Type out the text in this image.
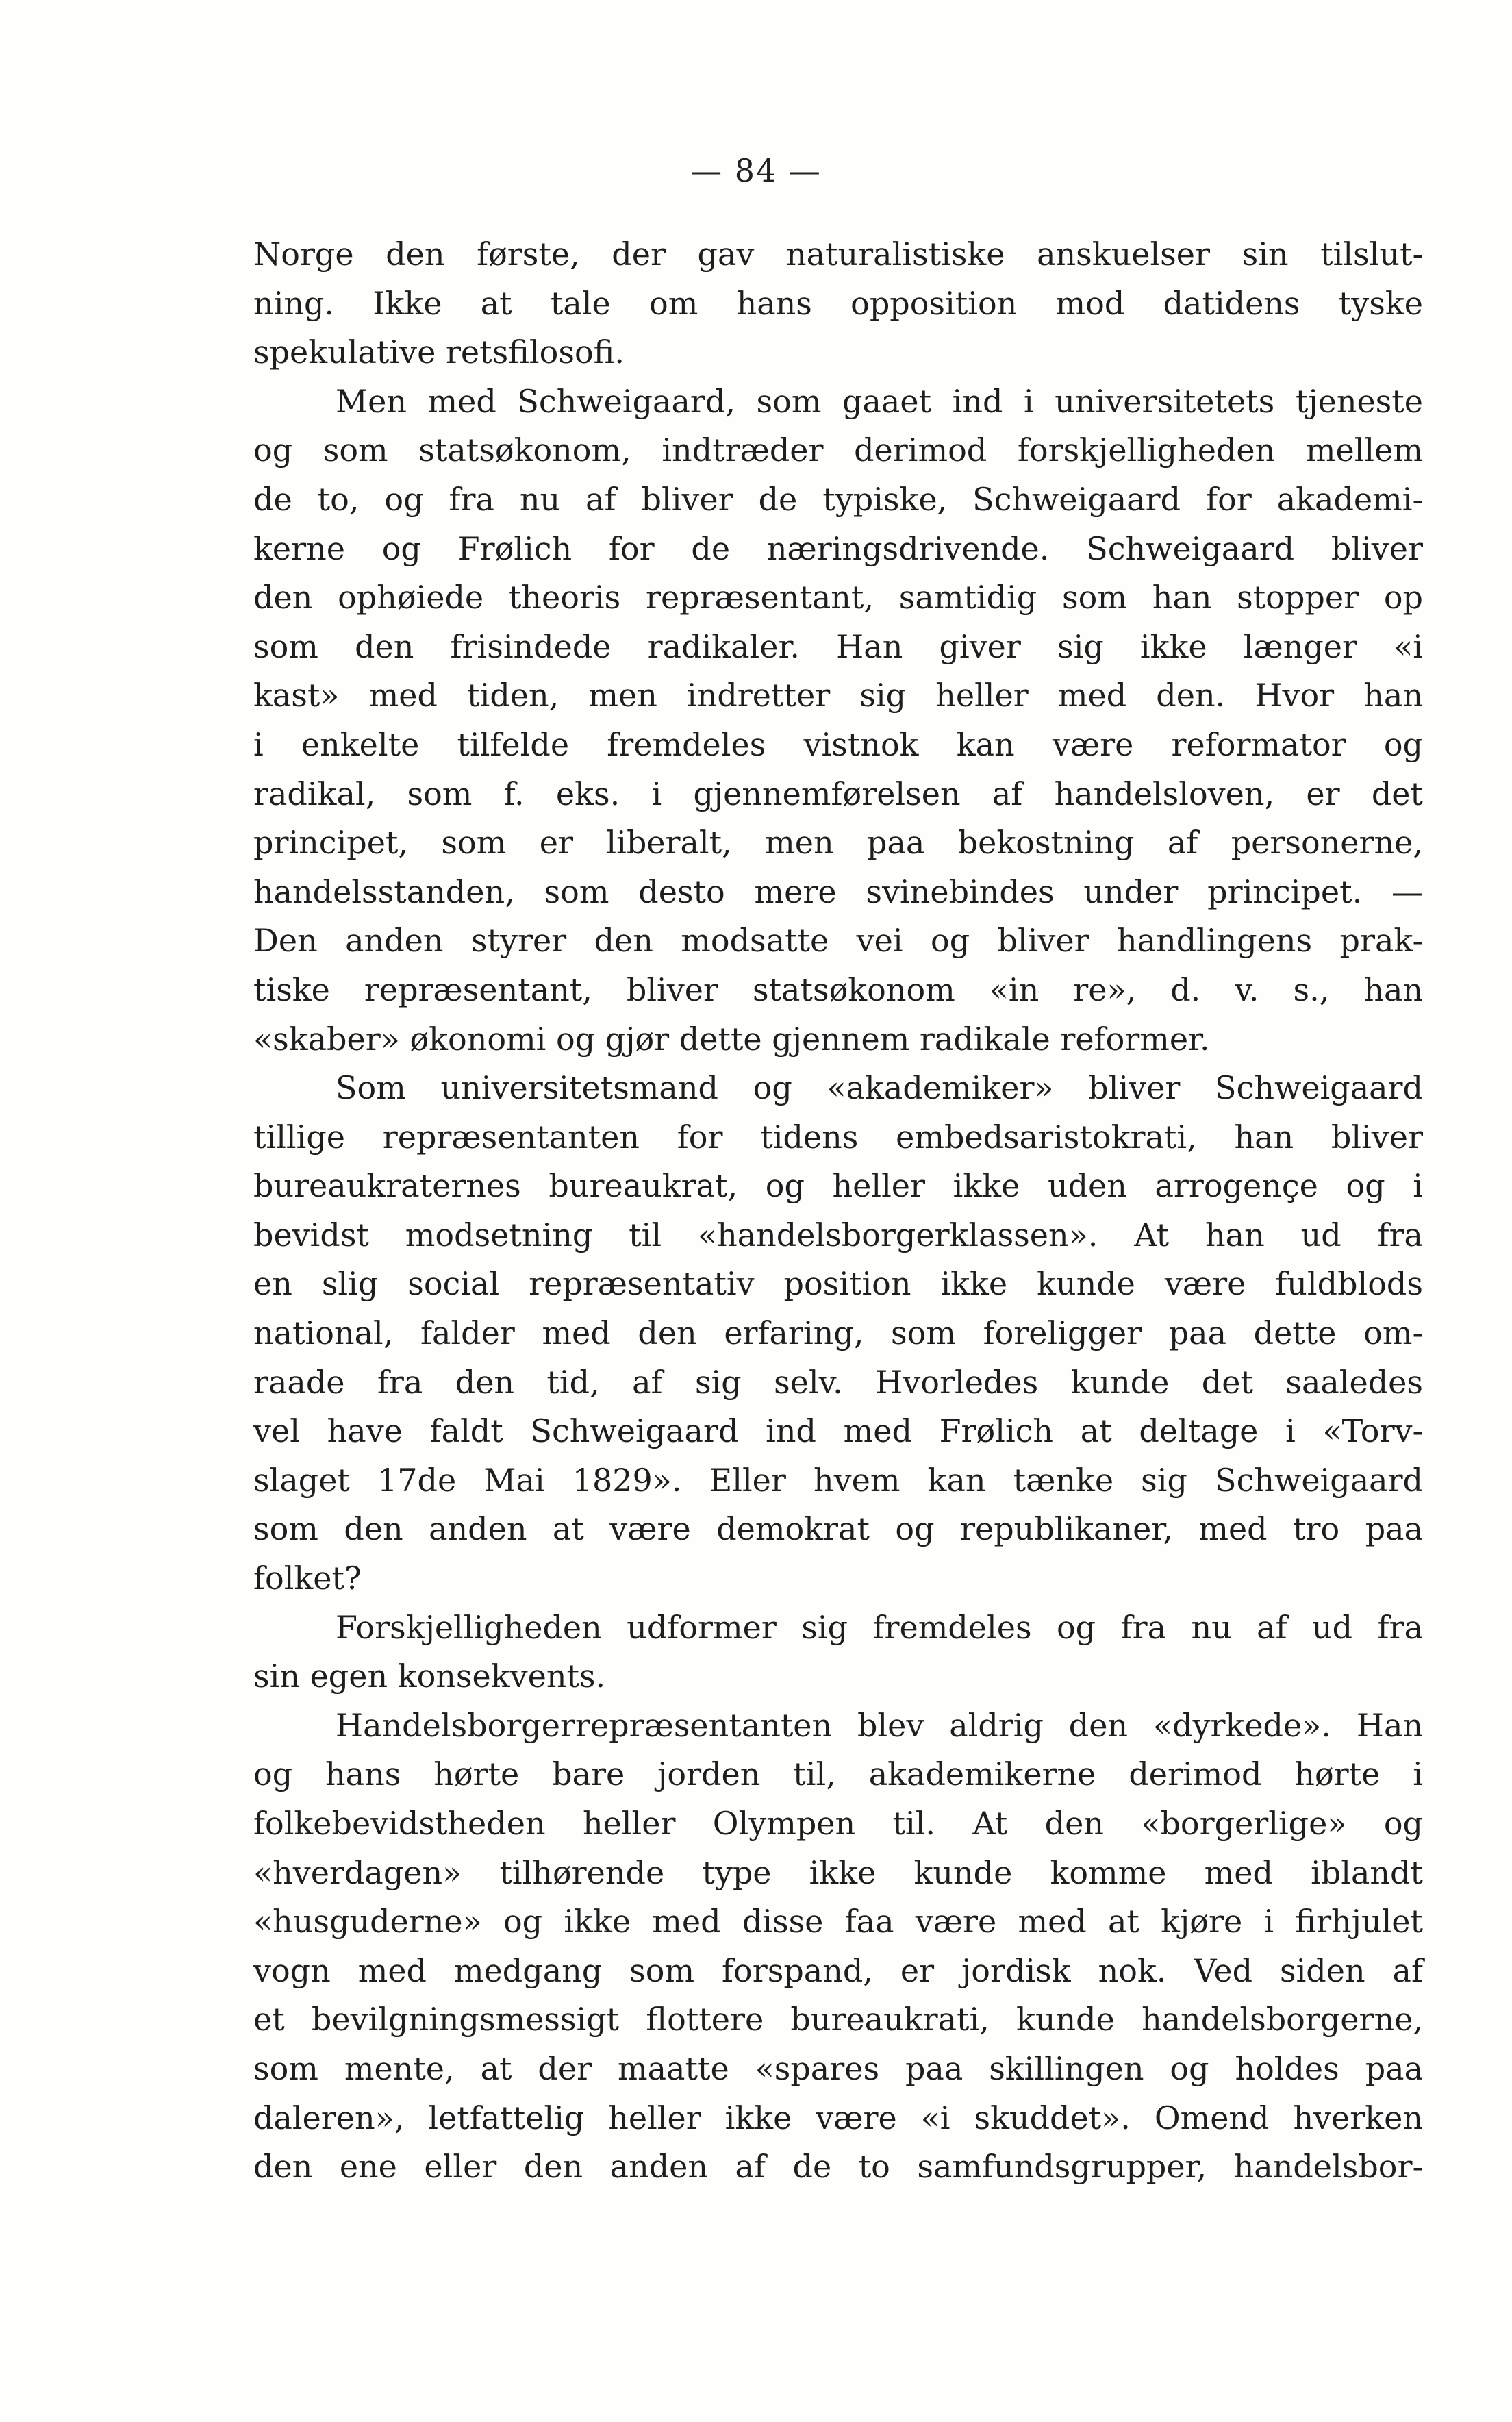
— 84 —
Norge den første, der gav naturalistiske anskuelser sin tilslut-
ning. Ikke at tale om hans opposition mod datidens tyske
spekulative retsfilosofi.
Men med Schweigaard, som gaaet ind i universitetets tjeneste
og som statsøkonom, indtræder derimod forskjelligheden mellem
de to, og fra nu af bliver de typiske, Schweigaard for akademi-
kerne og Frølich for de næringsdrivende. Schweigaard bliver
den ophøiede theoris repræsentant, samtidig som han stopper op
som den frisindede radikaler. Han giver sig ikke længer «i
kast» med tiden, men indretter sig heller med den. Hvor han
i enkelte tilfelde fremdeles vistnok kan være reformator og
radikal, som f. eks. i gjennemførelsen af handelsloven, er det
principet, som er liberalt, men paa bekostning af personerne,
handelsstanden, som desto mere svinebindes under principet. —
Den anden styrer den modsatte vei og bliver handlingens prak-
tiske repræsentant, bliver statsøkonom «in re», d. v. s., han
«skaber» økonomi og gjør dette gjennem radikale reformer.
Som universitetsmand og «akademiker» bliver Schweigaard
tillige repræsentanten for tidens embedsaristokrati, han bliver
bureaukraternes bureaukrat, og heller ikke uden arrogençe og i
bevidst modsetning til «handelsborgerklassen». At han ud fra
en slig social repræsentativ position ikke kunde være fuldblods
national, falder med den erfaring, som foreligger paa dette om-
raade fra den tid, af sig selv. Hvorledes kunde det saaledes
vel have faldt Schweigaard ind med Frølich at deltage i «Torv-
slaget 17de Mai 1829». Eller hvem kan tænke sig Schweigaard
som den anden at være demokrat og republikaner, med tro paa
folket?
Forskjelligheden udformer sig fremdeles og fra nu af ud fra
sin egen konsekvents.
Handelsborgerrepræsentanten blev aldrig den «dyrkede». Han
og hans hørte bare jorden til, akademikerne derimod hørte i
folkebevidstheden heller Olympen til. At den «borgerlige» og
«hverdagen» tilhørende type ikke kunde komme med iblandt
«husguderne» og ikke med disse faa være med at kjøre i firhjulet
vogn med medgang som forspand, er jordisk nok. Ved siden af
et bevilgningsmessigt flottere bureaukrati, kunde handelsborgerne,
som mente, at der maatte «spares paa skillingen og holdes paa
daleren», letfattelig heller ikke være «i skuddet». Omend hverken
den ene eller den anden af de to samfundsgrupper, handelsbor-
